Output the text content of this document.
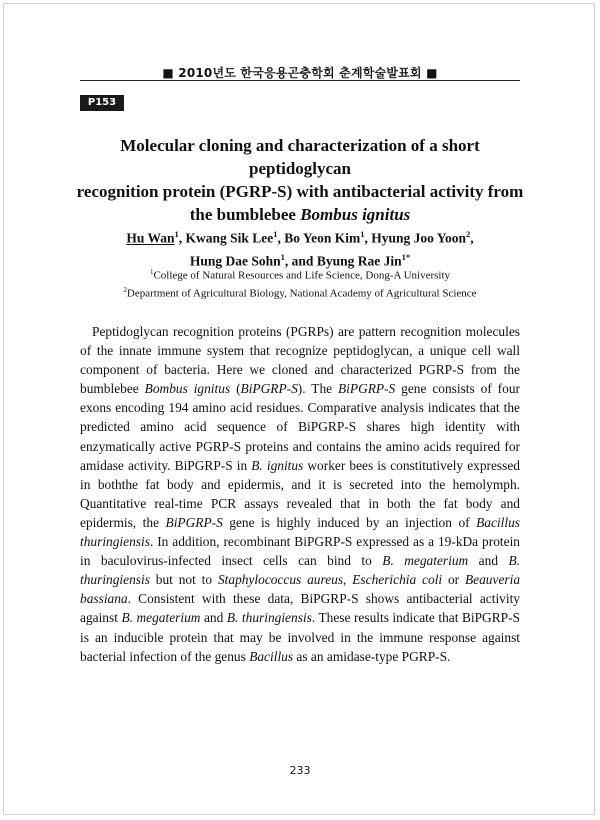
■ 2010년도 한국응용곤충학회 춘계학술발표회 ■
P153
Molecular cloning and characterization of a short peptidoglycan
recognition protein (PGRP-S) with antibacterial activity from
the bumblebee Bombus ignitus
Hu Wan$^1$, Kwang Sik Lee$^1$, Bo Yeon Kim$^1$, Hyung Joo Yoon$^2$,
Hung Dae Sohn$^1$, and Byung Rae Jin$^{1*}$
$^1$College of Natural Resources and Life Science, Dong-A University
$^2$Department of Agricultural Biology, National Academy of Agricultural Science

Peptidoglycan recognition proteins (PGRPs) are pattern recognition molecules of the innate immune system that recognize peptidoglycan, a unique cell wall component of bacteria. Here we cloned and characterized PGRP-S from the bumblebee Bombus ignitus (BiPGRP-S). The BiPGRP-S gene consists of four exons encoding 194 amino acid residues. Comparative analysis indicates that the predicted amino acid sequence of BiPGRP-S shares high identity with enzymatically active PGRP-S proteins and contains the amino acids required for amidase activity. BiPGRP-S in B. ignitus worker bees is constitutively expressed in boththe fat body and epidermis, and it is secreted into the hemolymph. Quantitative real-time PCR assays revealed that in both the fat body and epidermis, the BiPGRP-S gene is highly induced by an injection of Bacillus thuringiensis. In addition, recombinant BiPGRP-S expressed as a 19-kDa protein in baculovirus-infected insect cells can bind to B. megaterium and B. thuringiensis but not to Staphylococcus aureus, Escherichia coli or Beauveria bassiana. Consistent with these data, BiPGRP-S shows antibacterial activity against B. megaterium and B. thuringiensis. These results indicate that BiPGRP-S is an inducible protein that may be involved in the immune response against bacterial infection of the genus Bacillus as an amidase-type PGRP-S.

233
